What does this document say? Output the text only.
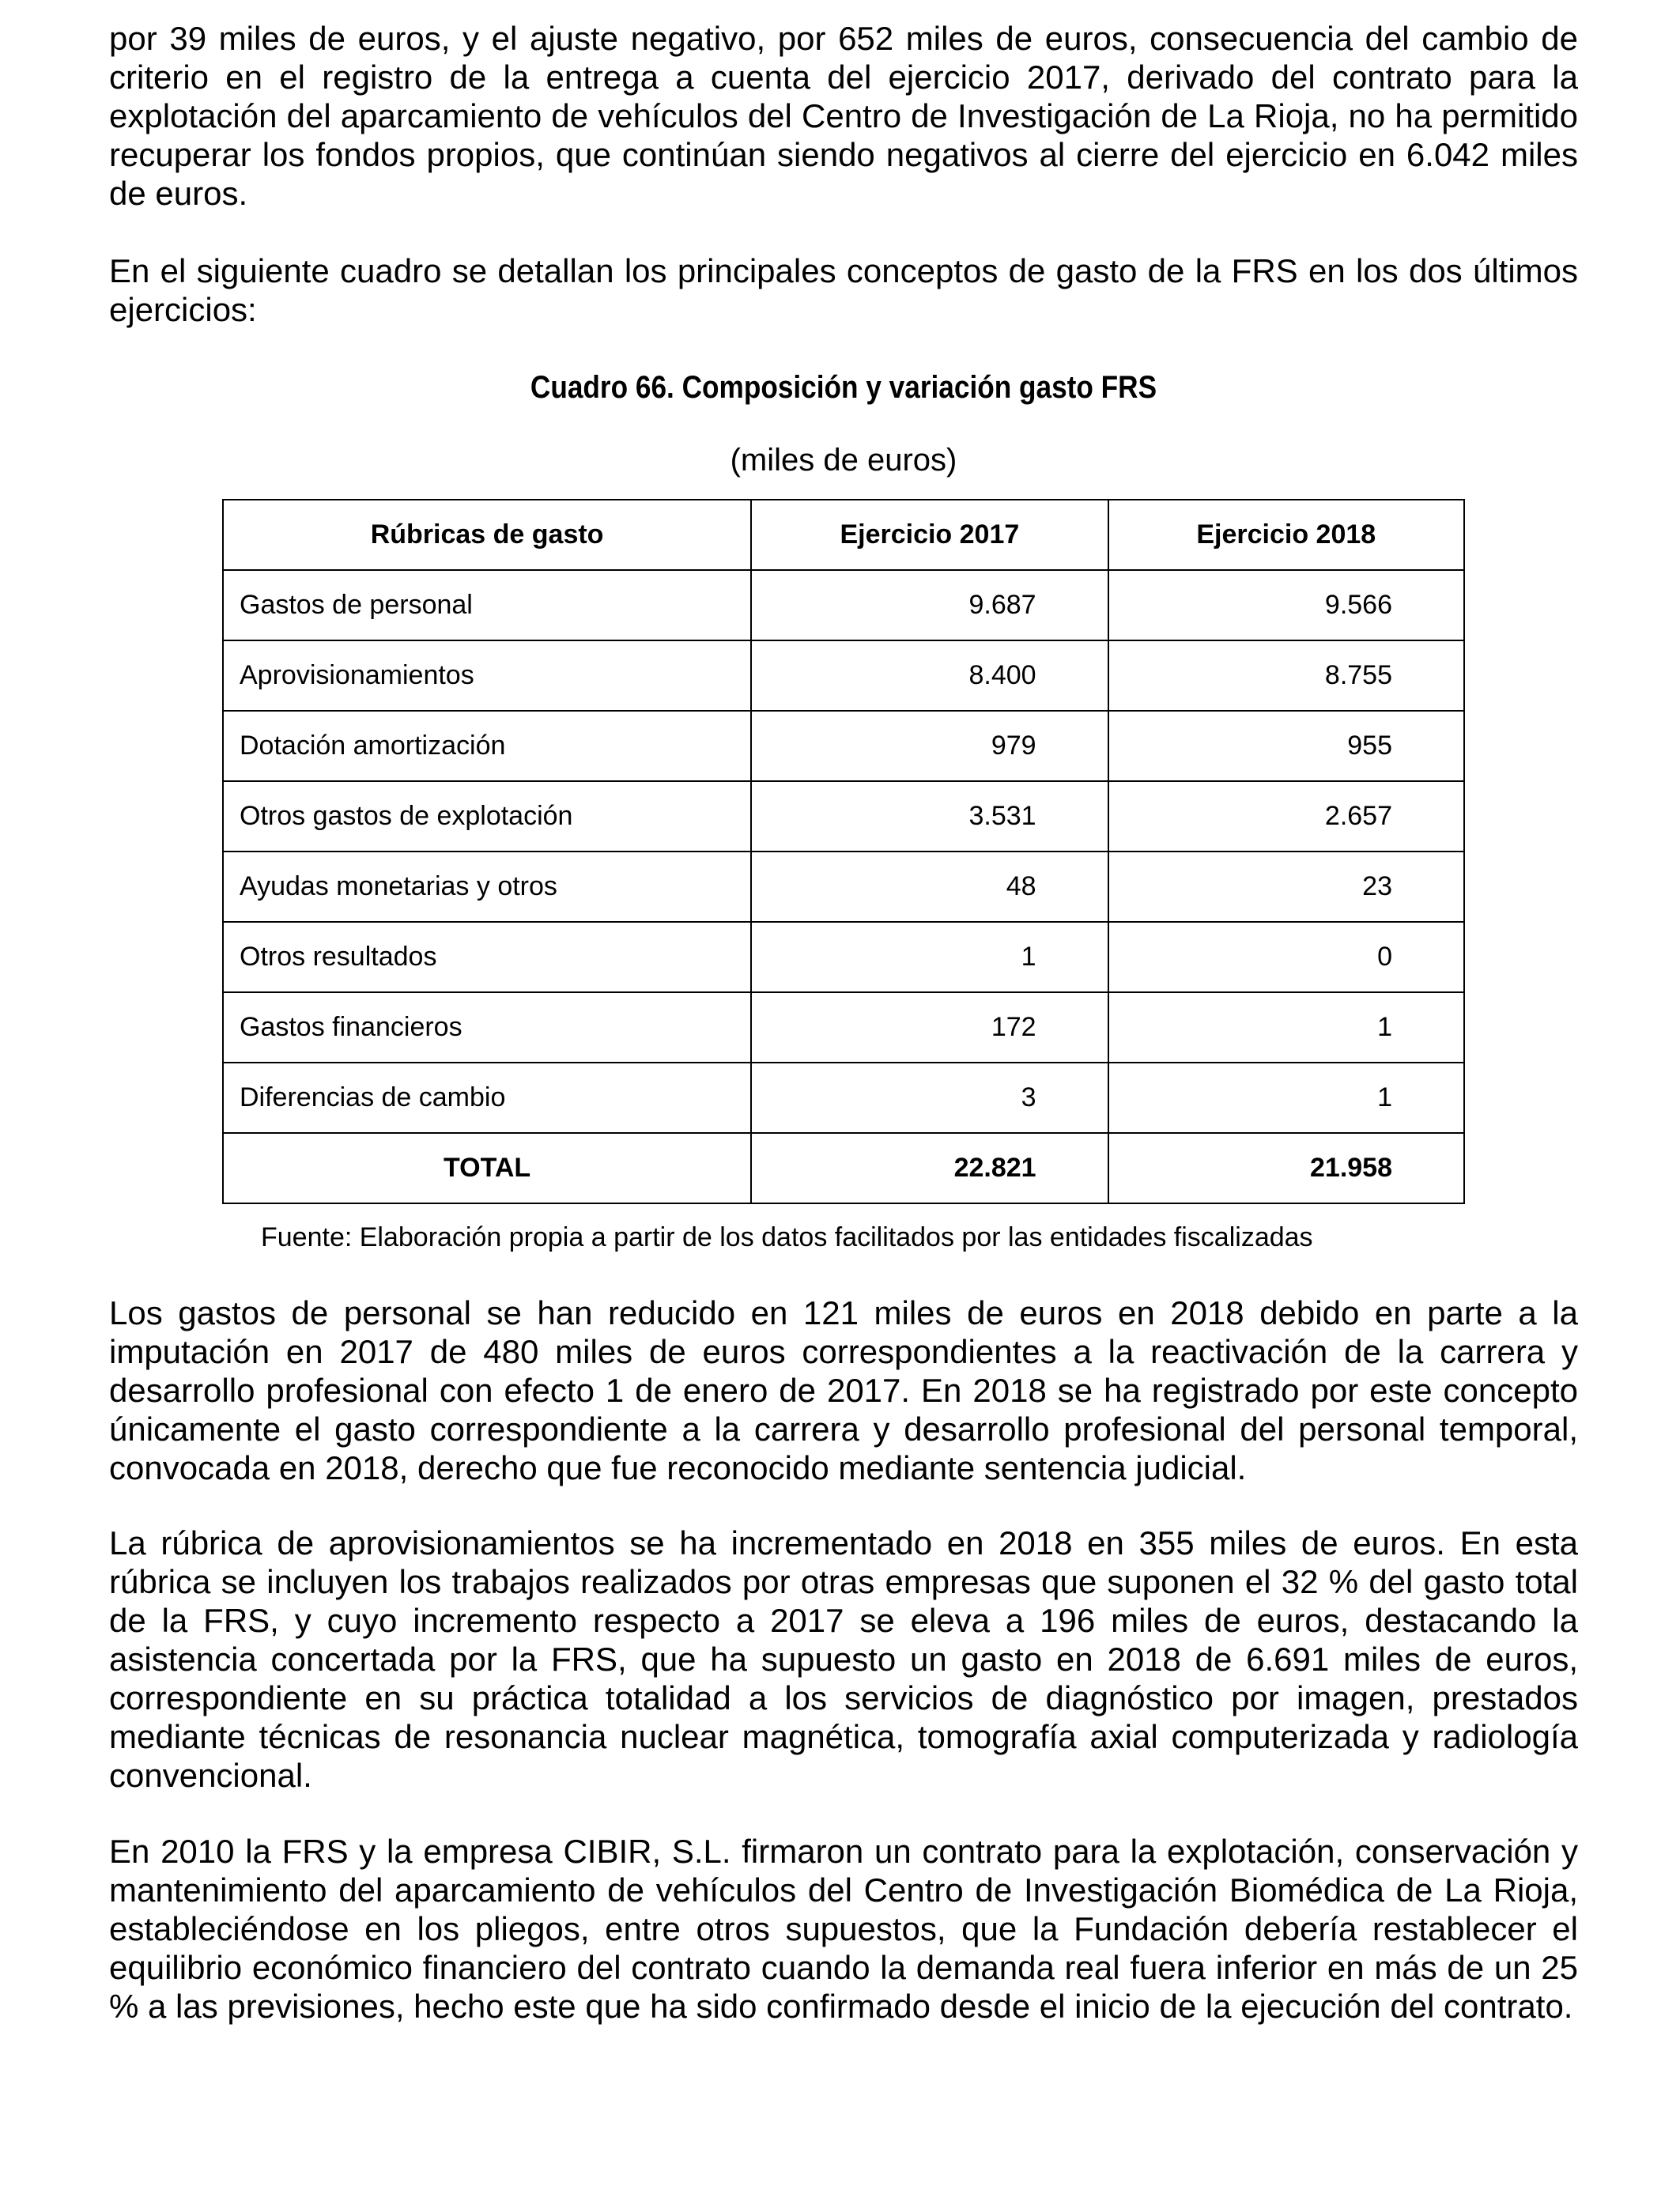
por 39 miles de euros, y el ajuste negativo, por 652 miles de euros, consecuencia del cambio de criterio en el registro de la entrega a cuenta del ejercicio 2017, derivado del contrato para la explotación del aparcamiento de vehículos del Centro de Investigación de La Rioja, no ha permitido recuperar los fondos propios, que continúan siendo negativos al cierre del ejercicio en 6.042 miles de euros.

En el siguiente cuadro se detallan los principales conceptos de gasto de la FRS en los dos últimos ejercicios:

Cuadro 66. Composición y variación gasto FRS

(miles de euros)

Rúbricas de gasto	Ejercicio 2017	Ejercicio 2018
Gastos de personal	9.687	9.566
Aprovisionamientos	8.400	8.755
Dotación amortización	979	955
Otros gastos de explotación	3.531	2.657
Ayudas monetarias y otros	48	23
Otros resultados	1	0
Gastos financieros	172	1
Diferencias de cambio	3	1
TOTAL	22.821	21.958
Fuente: Elaboración propia a partir de los datos facilitados por las entidades fiscalizadas

Los gastos de personal se han reducido en 121 miles de euros en 2018 debido en parte a la imputación en 2017 de 480 miles de euros correspondientes a la reactivación de la carrera y desarrollo profesional con efecto 1 de enero de 2017. En 2018 se ha registrado por este concepto únicamente el gasto correspondiente a la carrera y desarrollo profesional del personal temporal, convocada en 2018, derecho que fue reconocido mediante sentencia judicial.

La rúbrica de aprovisionamientos se ha incrementado en 2018 en 355 miles de euros. En esta rúbrica se incluyen los trabajos realizados por otras empresas que suponen el 32 % del gasto total de la FRS, y cuyo incremento respecto a 2017 se eleva a 196 miles de euros, destacando la asistencia concertada por la FRS, que ha supuesto un gasto en 2018 de 6.691 miles de euros, correspondiente en su práctica totalidad a los servicios de diagnóstico por imagen, prestados mediante técnicas de resonancia nuclear magnética, tomografía axial computerizada y radiología convencional.

En 2010 la FRS y la empresa CIBIR, S.L. firmaron un contrato para la explotación, conservación y mantenimiento del aparcamiento de vehículos del Centro de Investigación Biomédica de La Rioja, estableciéndose en los pliegos, entre otros supuestos, que la Fundación debería restablecer el equilibrio económico financiero del contrato cuando la demanda real fuera inferior en más de un 25 % a las previsiones, hecho este que ha sido confirmado desde el inicio de la ejecución del contrato.
